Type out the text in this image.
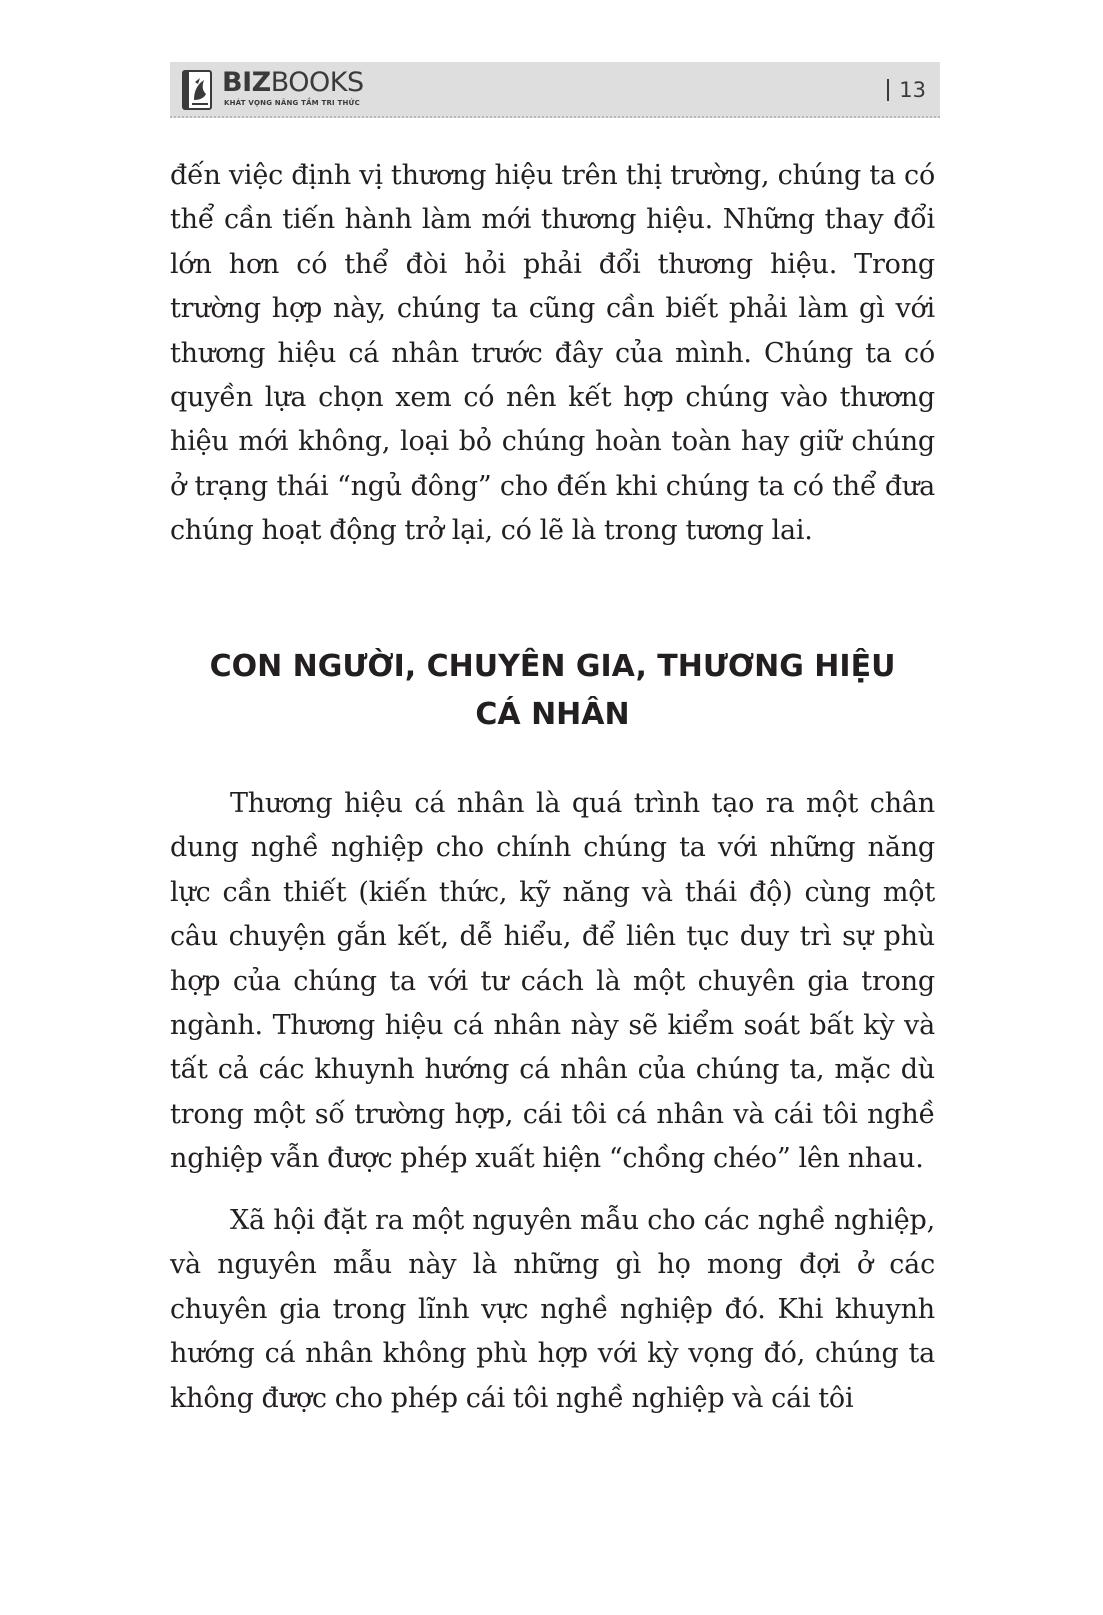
BIZBOOKS
KHÁT VỌNG NÂNG TẦM TRI THỨC
13

đến việc định vị thương hiệu trên thị trường, chúng ta có thể cần tiến hành làm mới thương hiệu. Những thay đổi lớn hơn có thể đòi hỏi phải đổi thương hiệu. Trong trường hợp này, chúng ta cũng cần biết phải làm gì với thương hiệu cá nhân trước đây của mình. Chúng ta có quyền lựa chọn xem có nên kết hợp chúng vào thương hiệu mới không, loại bỏ chúng hoàn toàn hay giữ chúng ở trạng thái “ngủ đông” cho đến khi chúng ta có thể đưa chúng hoạt động trở lại, có lẽ là trong tương lai.

CON NGƯỜI, CHUYÊN GIA, THƯƠNG HIỆU
CÁ NHÂN

Thương hiệu cá nhân là quá trình tạo ra một chân dung nghề nghiệp cho chính chúng ta với những năng lực cần thiết (kiến thức, kỹ năng và thái độ) cùng một câu chuyện gắn kết, dễ hiểu, để liên tục duy trì sự phù hợp của chúng ta với tư cách là một chuyên gia trong ngành. Thương hiệu cá nhân này sẽ kiểm soát bất kỳ và tất cả các khuynh hướng cá nhân của chúng ta, mặc dù trong một số trường hợp, cái tôi cá nhân và cái tôi nghề nghiệp vẫn được phép xuất hiện “chồng chéo” lên nhau.

Xã hội đặt ra một nguyên mẫu cho các nghề nghiệp, và nguyên mẫu này là những gì họ mong đợi ở các chuyên gia trong lĩnh vực nghề nghiệp đó. Khi khuynh hướng cá nhân không phù hợp với kỳ vọng đó, chúng ta không được cho phép cái tôi nghề nghiệp và cái tôi
